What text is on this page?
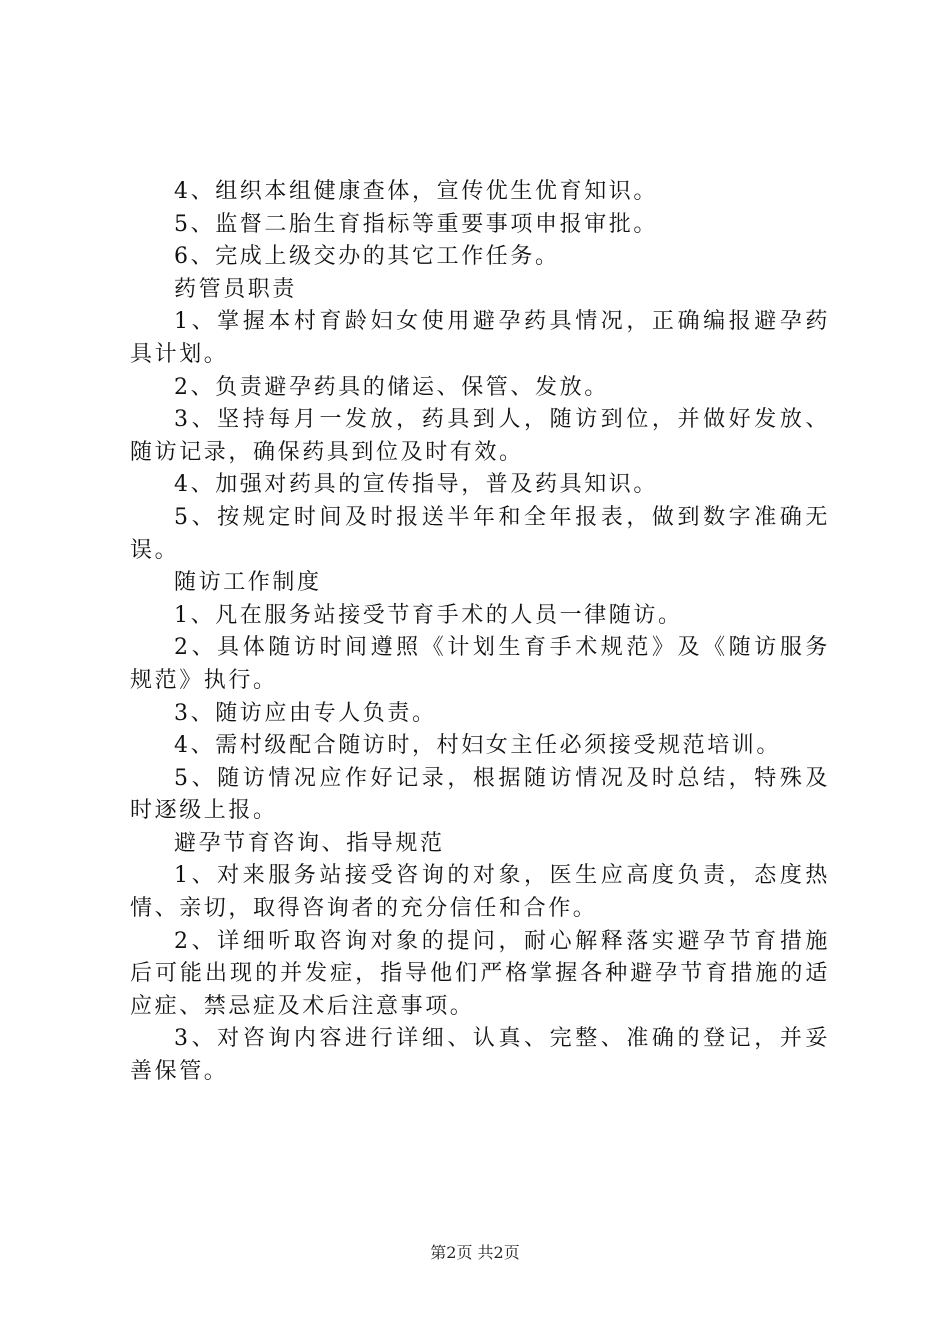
4、组织本组健康查体，宣传优生优育知识。

5、监督二胎生育指标等重要事项申报审批。

6、完成上级交办的其它工作任务。

药管员职责

1、掌握本村育龄妇女使用避孕药具情况，正确编报避孕药具计划。

2、负责避孕药具的储运、保管、发放。

3、坚持每月一发放，药具到人，随访到位，并做好发放、随访记录，确保药具到位及时有效。

4、加强对药具的宣传指导，普及药具知识。

5、按规定时间及时报送半年和全年报表，做到数字准确无误。

随访工作制度

1、凡在服务站接受节育手术的人员一律随访。

2、具体随访时间遵照《计划生育手术规范》及《随访服务规范》执行。

3、随访应由专人负责。

4、需村级配合随访时，村妇女主任必须接受规范培训。

5、随访情况应作好记录，根据随访情况及时总结，特殊及时逐级上报。

避孕节育咨询、指导规范

1、对来服务站接受咨询的对象，医生应高度负责，态度热情、亲切，取得咨询者的充分信任和合作。

2、详细听取咨询对象的提问，耐心解释落实避孕节育措施后可能出现的并发症，指导他们严格掌握各种避孕节育措施的适应症、禁忌症及术后注意事项。

3、对咨询内容进行详细、认真、完整、准确的登记，并妥善保管。

第2页 共2页
